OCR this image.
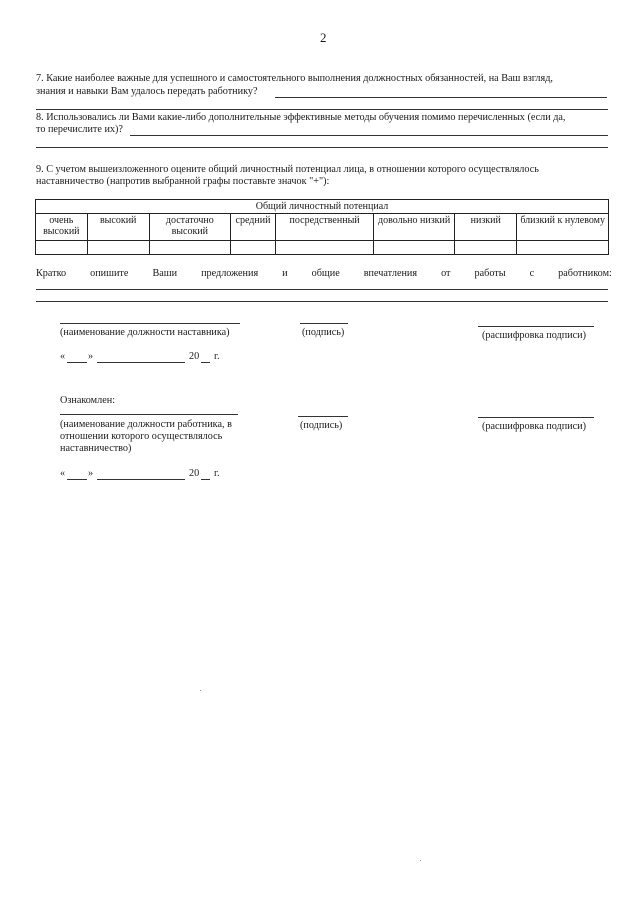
2
7. Какие наиболее важные для успешного и самостоятельного выполнения должностных обязанностей, на Ваш взгляд,
знания и навыки Вам удалось передать работнику?
8. Использовались ли Вами какие-либо дополнительные эффективные методы обучения помимо перечисленных (если да,
то перечислите их)?
9. С учетом вышеизложенного оцените общий личностный потенциал лица, в отношении которого осуществлялось
наставничество (напротив выбранной графы поставьте значок "+"):
Общий личностный потенциал							
очень высокий	высокий	достаточно высокий	средний	посредственный	довольно низкий	низкий	близкий к нулевому

Кратко опишите Ваши предложения и общие впечатления от работы с работником:
(наименование должности наставника)	(подпись)	(расшифровка подписи)
« »	20 г.
Ознакомлен:
(наименование должности работника, в
отношении которого осуществлялось
наставничество)
(подпись)	(расшифровка подписи)
« »	20 г.
